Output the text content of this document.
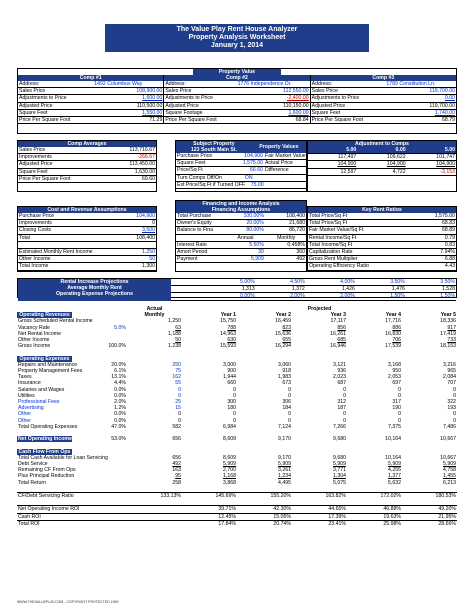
The Value Play Rent House Analyzer
Property Analysis Worksheet
January 1, 2014
Property Value
Comp #1
Address:	1492 Columbus Way
Sales Price	108,900.00
Adjustments to Price	1,600.00
Adjusted Price	110,500.00
Square Feet	1,550.00
Price Per Square Foot	71.29
Comp #2
Address:	1776 Independence Dr.
Sales Price	112,550.00
Adjustments to Price	-2,400.00
Adjusted Price	110,150.00
Square Footage	1,600.00
Price Per Square Foot	68.84
Comp #3
Address:	1789 Constitution Ln.
Sales Price	119,700.00
Adjustments to Price	0.00
Adjusted Price	119,700.00
Square Feet	1,740.00
Price Per Square Foot	68.79
Comp Averages
Sales Price	113,716.67
Improvements	-266.67
Adjusted Price	113,450.00
Square Feet	1,630.00
Price Per Square Foot	69.60
Subject Property
123 South Main St.	Property Values
Purchase Price	104,900 Fair Market Value
Square Feet	1,575.00 Actual Price
Price/Sq Ft	66.60 Difference
Turn Comps Off/On	ON
Est Price/Sq Ft if Turned OFF	75.00
Adjustment to Comps
5.00	0.00	5.00
117,497	109,622	101,747
104,900	104,900	104,900
12,597	4,722	-3,153
Cost and Revenue Assumptions
Purchase Price	104,900
Improvements	0
Closing Costs	3,500
Total	108,400
Estimated Monthly Rent Income	1,250
Other Income	50
Total Income	1,300
Financing and Income Analysis
Financing Assumptions
Total Purchase	100.00%	108,400
Owner's Equity	20.00%	21,680
Balance to Fina	80.00%	86,720
Annual	Monthly
Interest Rate	5.50%	0.458%
Amort Period	30	360
Payment	5,909	492
Key Rent Ratios
Total Price/Sq Ft	1,575.00
Total Price/Sq Ft	68.83
Fair Market Value/Sq Ft	68.89
Rental Income/Sq Ft	0.79
Total Income/Sq Ft	0.83
Capitalization Rate	7.94%
Gross Rent Multiplier	6.88
Operating Efficiency Ratio	4.43
Rental Increase Projections
Average Monthly Rent
Operating Expense Projections
5.00%	4.50%	4.00%	3.50%	3.50%
1,313	1,372	1,426	1,476	1,528
0.00%	2.00%	2.00%	1.50%	1.50%
		Actual	Projected				
Operating Revenues		Monthly	Year 1	Year 2	Year 3	Year 4	Year 5
Gross Scheduled Rental Income		1,250	15,750	16,459	17,117	17,716	18,336
Vacancy Rate	5.0%	63	788	823	856	886	917
Net Rental Income		1,188	14,963	15,636	16,261	16,830	17,419
Other Income		50	630	655	685	706	733
Gross Income	100.0%	1,238	15,593	16,294	16,946	17,539	18,153

Operating Expenses							
Repairs and Maintenance	20.0%	250	3,000	3,060	3,121	3,168	3,216
Property Management Fees	6.1%	75	900	918	936	950	965
Taxes	13.1%	162	1,944	1,983	2,023	2,053	2,084
Insurance	4.4%	55	660	673	687	697	707
Salaries and Wages	0.0%	0	0	0	0	0	0
Utilities	0.0%	0	0	0	0	0	0
Professional Fees	2.0%	25	300	306	312	317	322
Advertising	1.2%	15	180	184	187	190	193
Other	0.0%	0	0	0	0	0	0
Other	0.0%	0	0	0	0	0	0
Total Operating Expenses	47.0%	582	6,984	7,124	7,266	7,375	7,486

Net Operating Income	53.0%	656	8,609	9,170	9,680	10,164	10,667

Cash Flow From Ops							
Total Cash Available for Loan Servicing		656	8,609	9,170	9,680	10,164	10,667
Debt Service		492	5,909	5,909	5,909	5,909	5,909
Remaining CF From Ops		163	2,700	3,261	3,771	4,255	4,758
Plus Principal Reduction		95	1,168	1,234	1,304	1,377	1,455
Total Return		258	3,868	4,495	5,075	5,632	6,213

CF/Debt Servicing Ratio		133.13%	145.69%	155.20%	163.82%	172.02%	180.53%

Net Operating Income ROI			39.71%	42.30%	44.65%	46.88%	49.20%
Cash ROI			12.45%	15.05%	17.39%	19.63%	21.95%
Total ROI			17.84%	20.74%	23.41%	25.98%	28.66%
WWW.THEVALUEPLAY.COM - COPYRIGHT PROTECTED 1999
